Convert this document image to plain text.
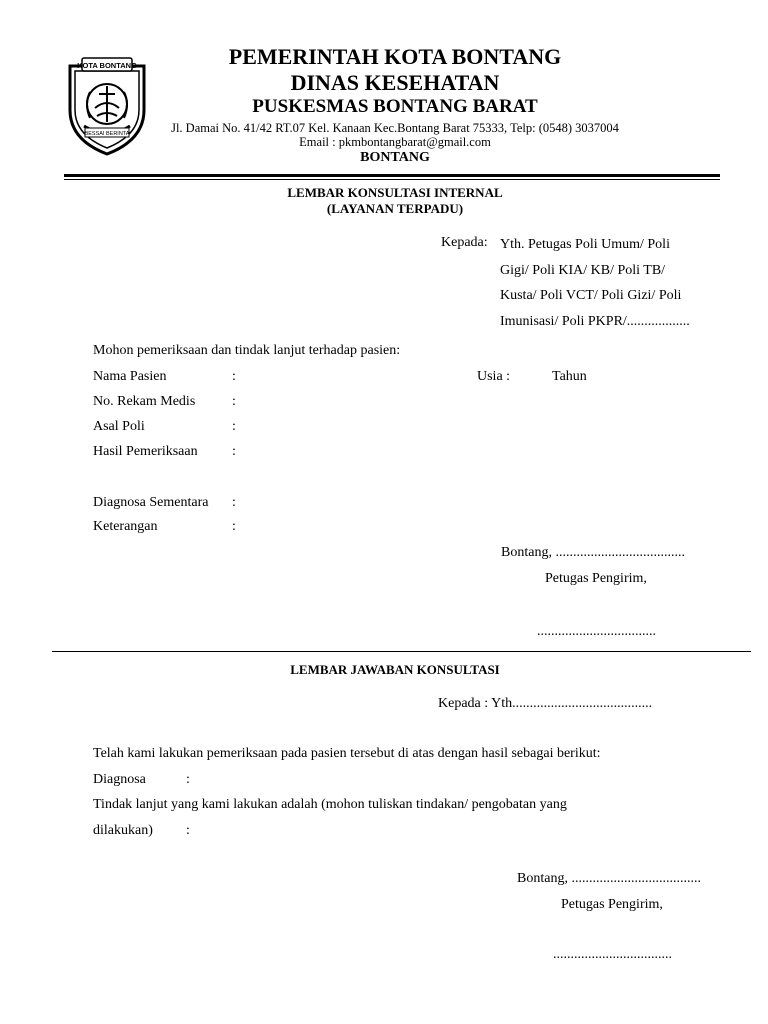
KOTA BONTANG
BESSAI BERINTA
PEMERINTAH KOTA BONTANG
DINAS KESEHATAN
PUSKESMAS BONTANG BARAT
Jl. Damai No. 41/42 RT.07 Kel. Kanaan Kec.Bontang Barat 75333, Telp: (0548) 3037004
Email : pkmbontangbarat@gmail.com
BONTANG
LEMBAR KONSULTASI INTERNAL
(LAYANAN TERPADU)
Kepada: Yth. Petugas Poli Umum/ Poli
Gigi/ Poli KIA/ KB/ Poli TB/
Kusta/ Poli VCT/ Poli Gizi/ Poli
Imunisasi/ Poli PKPR/..................
Mohon pemeriksaan dan tindak lanjut terhadap pasien:
Nama Pasien	:	Usia :	Tahun
No. Rekam Medis	:
Asal Poli	:
Hasil Pemeriksaan :
Diagnosa Sementara :
Keterangan	:
Bontang, .....................................
Petugas Pengirim,
..................................
LEMBAR JAWABAN KONSULTASI
Kepada : Yth........................................
Telah kami lakukan pemeriksaan pada pasien tersebut di atas dengan hasil sebagai berikut:
Diagnosa	:
Tindak lanjut yang kami lakukan adalah (mohon tuliskan tindakan/ pengobatan yang
dilakukan) :
Bontang, .....................................
Petugas Pengirim,
..................................
